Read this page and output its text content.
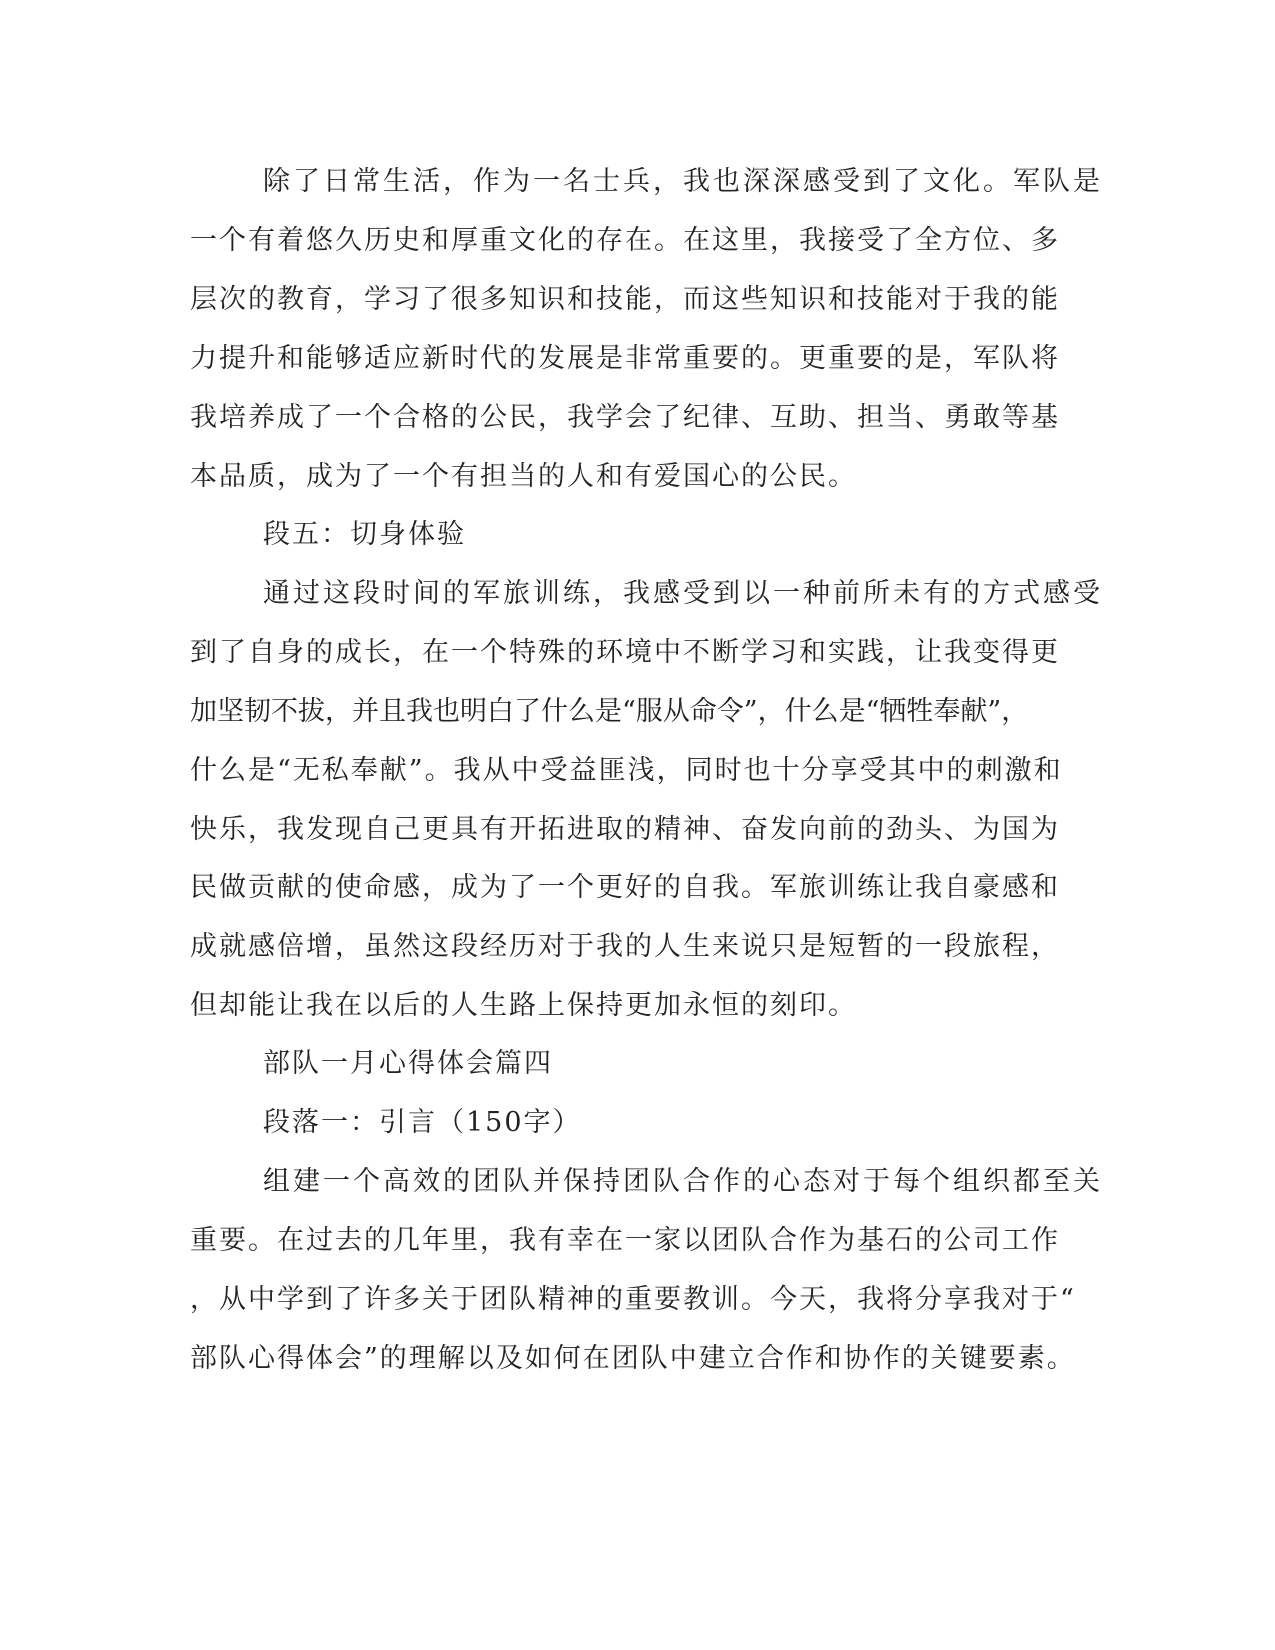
除了日常生活，作为一名士兵，我也深深感受到了文化。军队是

一个有着悠久历史和厚重文化的存在。在这里，我接受了全方位、多

层次的教育，学习了很多知识和技能，而这些知识和技能对于我的能

力提升和能够适应新时代的发展是非常重要的。更重要的是，军队将

我培养成了一个合格的公民，我学会了纪律、互助、担当、勇敢等基

本品质，成为了一个有担当的人和有爱国心的公民。

段五：切身体验

通过这段时间的军旅训练，我感受到以一种前所未有的方式感受

到了自身的成长，在一个特殊的环境中不断学习和实践，让我变得更

加坚韧不拔，并且我也明白了什么是“服从命令”，什么是“牺牲奉献”，

什么是“无私奉献”。我从中受益匪浅，同时也十分享受其中的刺激和

快乐，我发现自己更具有开拓进取的精神、奋发向前的劲头、为国为

民做贡献的使命感，成为了一个更好的自我。军旅训练让我自豪感和

成就感倍增，虽然这段经历对于我的人生来说只是短暂的一段旅程，

但却能让我在以后的人生路上保持更加永恒的刻印。

部队一月心得体会篇四

段落一：引言（150字）

组建一个高效的团队并保持团队合作的心态对于每个组织都至关

重要。在过去的几年里，我有幸在一家以团队合作为基石的公司工作

，从中学到了许多关于团队精神的重要教训。今天，我将分享我对于“

部队心得体会”的理解以及如何在团队中建立合作和协作的关键要素。
